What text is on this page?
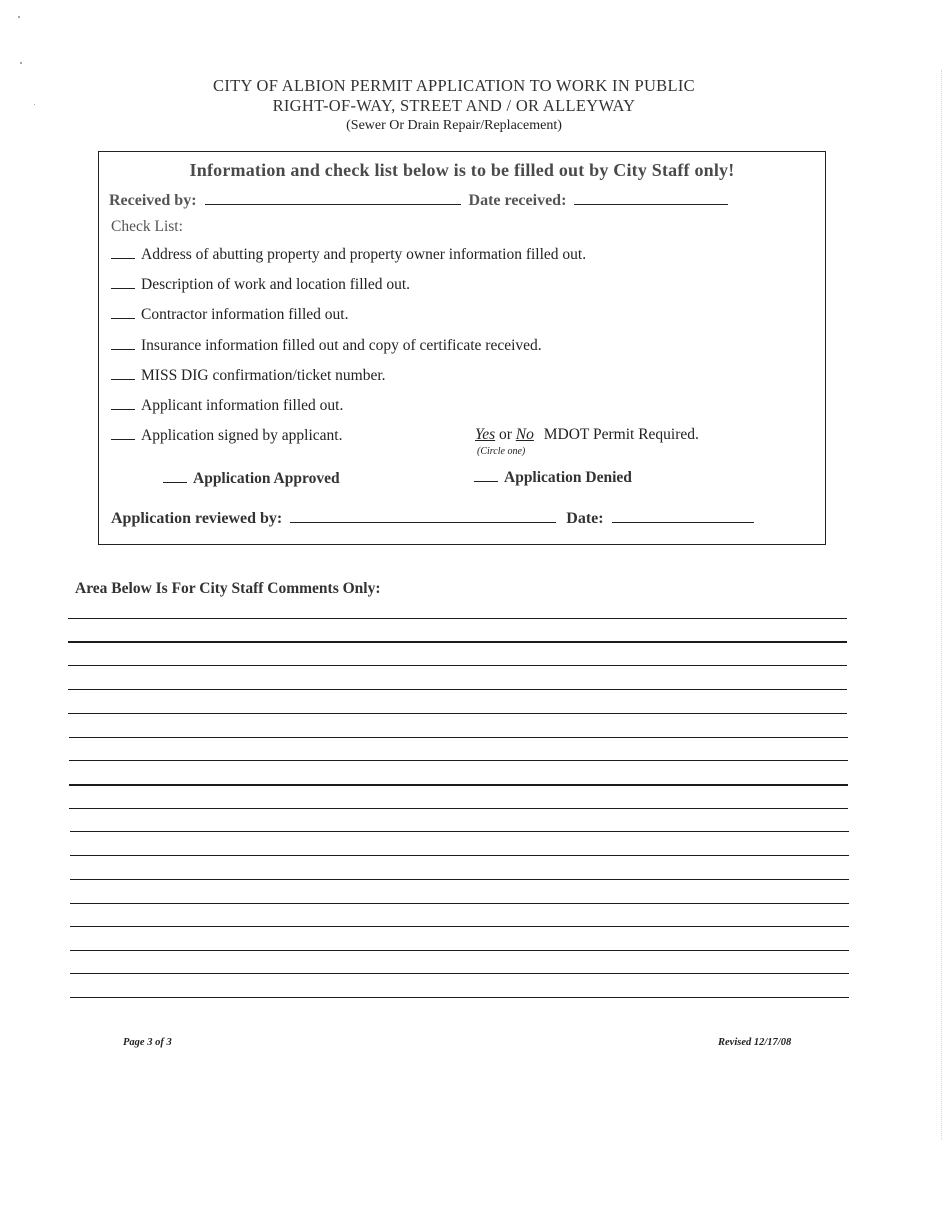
CITY OF ALBION PERMIT APPLICATION TO WORK IN PUBLIC
RIGHT-OF-WAY, STREET AND / OR ALLEYWAY
(Sewer Or Drain Repair/Replacement)
Information and check list below is to be filled out by City Staff only!
Received by:	Date received:
Check List:
Address of abutting property and property owner information filled out.
Description of work and location filled out.
Contractor information filled out.
Insurance information filled out and copy of certificate received.
MISS DIG confirmation/ticket number.
Applicant information filled out.
Application signed by applicant.	Yes or No MDOT Permit Required.
(Circle one)
Application Approved	Application Denied
Application reviewed by:	Date:
Area Below Is For City Staff Comments Only:
Page 3 of 3	Revised 12/17/08
